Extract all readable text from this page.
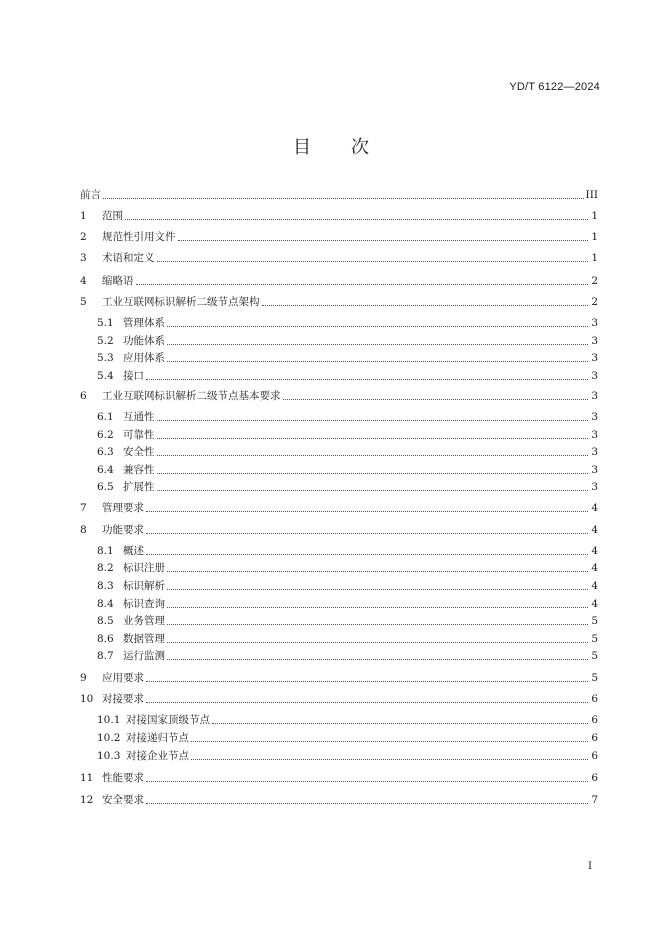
YD/T 6122—2024
目次
前言	III
1	范围	1
2	规范性引用文件	1
3	术语和定义	1
4	缩略语	2
5	工业互联网标识解析二级节点架构	2
5.1 管理体系	3
5.2 功能体系	3
5.3 应用体系	3
5.4 接口	3
6	工业互联网标识解析二级节点基本要求	3
6.1 互通性	3
6.2 可靠性	3
6.3 安全性	3
6.4 兼容性	3
6.5 扩展性	3
7	管理要求	4
8	功能要求	4
8.1 概述	4
8.2 标识注册	4
8.3 标识解析	4
8.4 标识查询	4
8.5 业务管理	5
8.6 数据管理	5
8.7 运行监测	5
9	应用要求	5
10 对接要求	6
10.1 对接国家顶级节点	6
10.2 对接递归节点	6
10.3 对接企业节点	6
11 性能要求	6
12 安全要求	7
I
